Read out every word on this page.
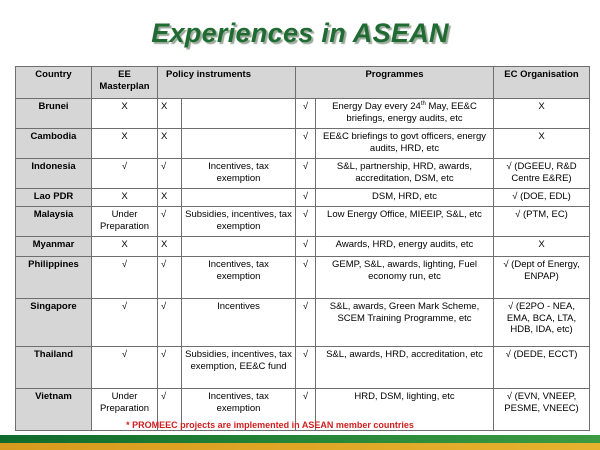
Experiences in ASEAN
Country	EE Masterplan	Policy instruments		Programmes		EC Organisation
Brunei	X	X		√	Energy Day every 24th May, EE&C briefings, energy audits, etc	X
Cambodia	X	X		√	EE&C briefings to govt officers, energy audits, HRD, etc	X
Indonesia	√	√	Incentives, tax exemption	√	S&L, partnership, HRD, awards, accreditation, DSM, etc	√ (DGEEU, R&D Centre E&RE)
Lao PDR	X	X		√	DSM, HRD, etc	√ (DOE, EDL)
Malaysia	Under Preparation	√	Subsidies, incentives, tax exemption	√	Low Energy Office, MIEEIP, S&L, etc	√ (PTM, EC)
Myanmar	X	X		√	Awards, HRD, energy audits, etc	X
Philippines	√	√	Incentives, tax exemption	√	GEMP, S&L, awards, lighting, Fuel economy run, etc	√ (Dept of Energy, ENPAP)
Singapore	√	√	Incentives	√	S&L, awards, Green Mark Scheme, SCEM Training Programme, etc	√ (E2PO - NEA, EMA, BCA, LTA, HDB, IDA, etc)
Thailand	√	√	Subsidies, incentives, tax exemption, EE&C fund	√	S&L, awards, HRD, accreditation, etc	√ (DEDE, ECCT)
Vietnam	Under Preparation	√	Incentives, tax exemption	√	HRD, DSM, lighting, etc	√ (EVN, VNEEP, PESME, VNEEC)
* PROMEEC projects are implemented in ASEAN member countries
